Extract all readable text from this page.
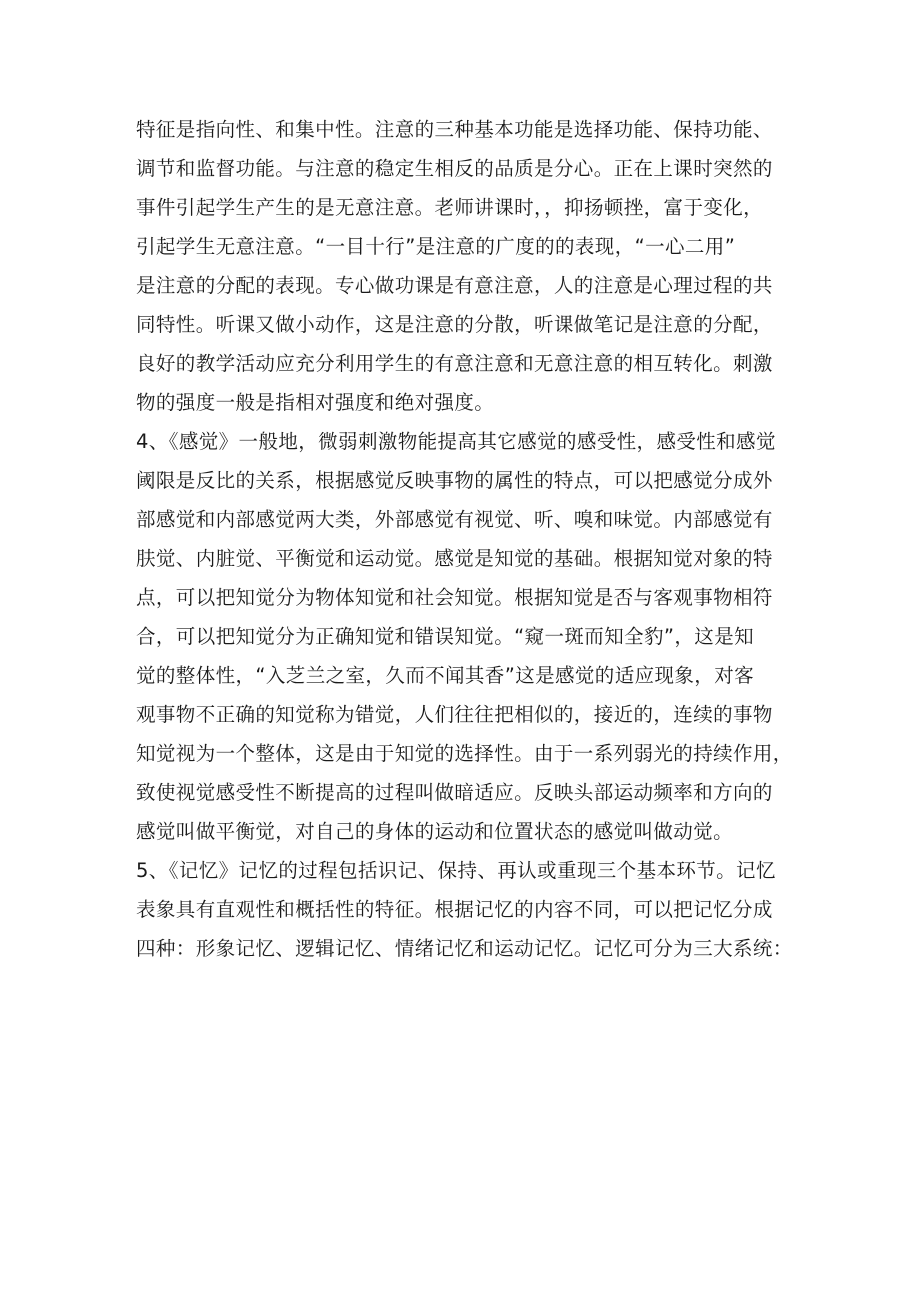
特征是指向性、和集中性。注意的三种基本功能是选择功能、保持功能、
调节和监督功能。与注意的稳定生相反的品质是分心。正在上课时突然的
事件引起学生产生的是无意注意。老师讲课时，，抑扬顿挫，富于变化，
引起学生无意注意。“一目十行”是注意的广度的的表现，“一心二用”
是注意的分配的表现。专心做功课是有意注意，人的注意是心理过程的共
同特性。听课又做小动作，这是注意的分散，听课做笔记是注意的分配，
良好的教学活动应充分利用学生的有意注意和无意注意的相互转化。刺激
物的强度一般是指相对强度和绝对强度。
4、《感觉》一般地，微弱刺激物能提高其它感觉的感受性，感受性和感觉
阈限是反比的关系，根据感觉反映事物的属性的特点，可以把感觉分成外
部感觉和内部感觉两大类，外部感觉有视觉、听、嗅和味觉。内部感觉有
肤觉、内脏觉、平衡觉和运动觉。感觉是知觉的基础。根据知觉对象的特
点，可以把知觉分为物体知觉和社会知觉。根据知觉是否与客观事物相符
合，可以把知觉分为正确知觉和错误知觉。“窥一斑而知全豹”，这是知
觉的整体性，“入芝兰之室，久而不闻其香”这是感觉的适应现象，对客
观事物不正确的知觉称为错觉，人们往往把相似的，接近的，连续的事物
知觉视为一个整体，这是由于知觉的选择性。由于一系列弱光的持续作用，
致使视觉感受性不断提高的过程叫做暗适应。反映头部运动频率和方向的
感觉叫做平衡觉，对自己的身体的运动和位置状态的感觉叫做动觉。
5、《记忆》记忆的过程包括识记、保持、再认或重现三个基本环节。记忆
表象具有直观性和概括性的特征。根据记忆的内容不同，可以把记忆分成
四种：形象记忆、逻辑记忆、情绪记忆和运动记忆。记忆可分为三大系统：
